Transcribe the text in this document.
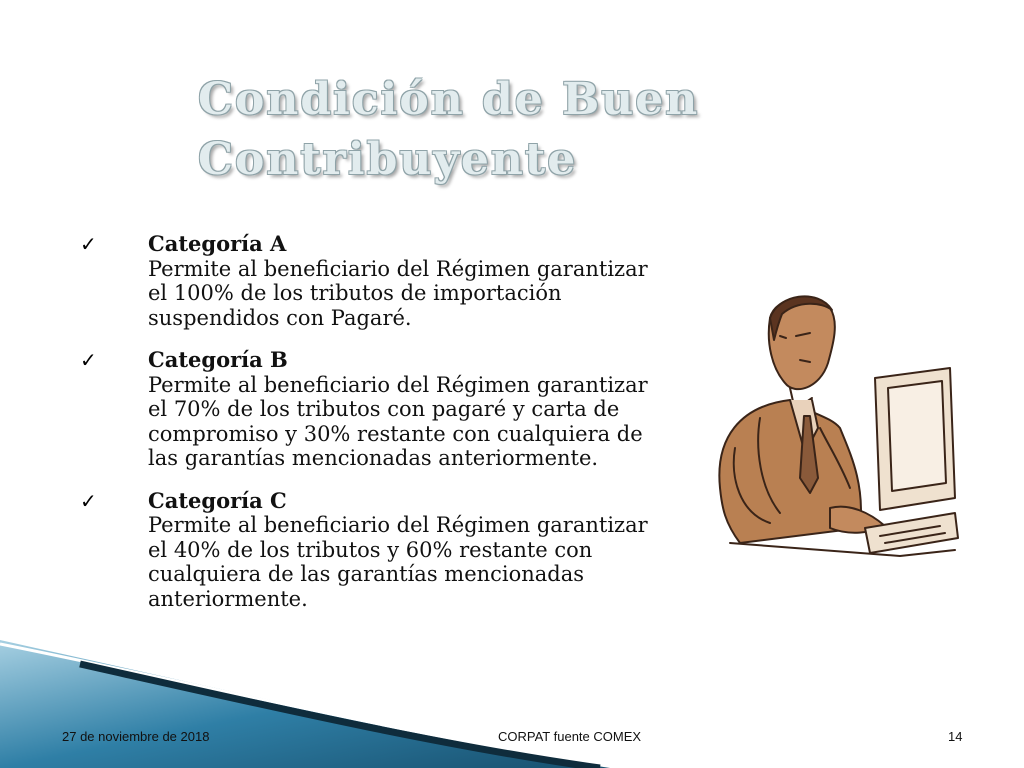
Condición de Buen Contribuyente
✓ Categoría A
Permite al beneficiario del Régimen garantizar el 100% de los tributos de importación suspendidos con Pagaré.
✓ Categoría B
Permite al beneficiario del Régimen garantizar el 70% de los tributos con pagaré y carta de compromiso y 30% restante con cualquiera de las garantías mencionadas anteriormente.
✓ Categoría C
Permite al beneficiario del Régimen garantizar el 40% de los tributos y 60% restante con cualquiera de las garantías mencionadas anteriormente.
27 de noviembre de 2018	CORPAT fuente COMEX	14
